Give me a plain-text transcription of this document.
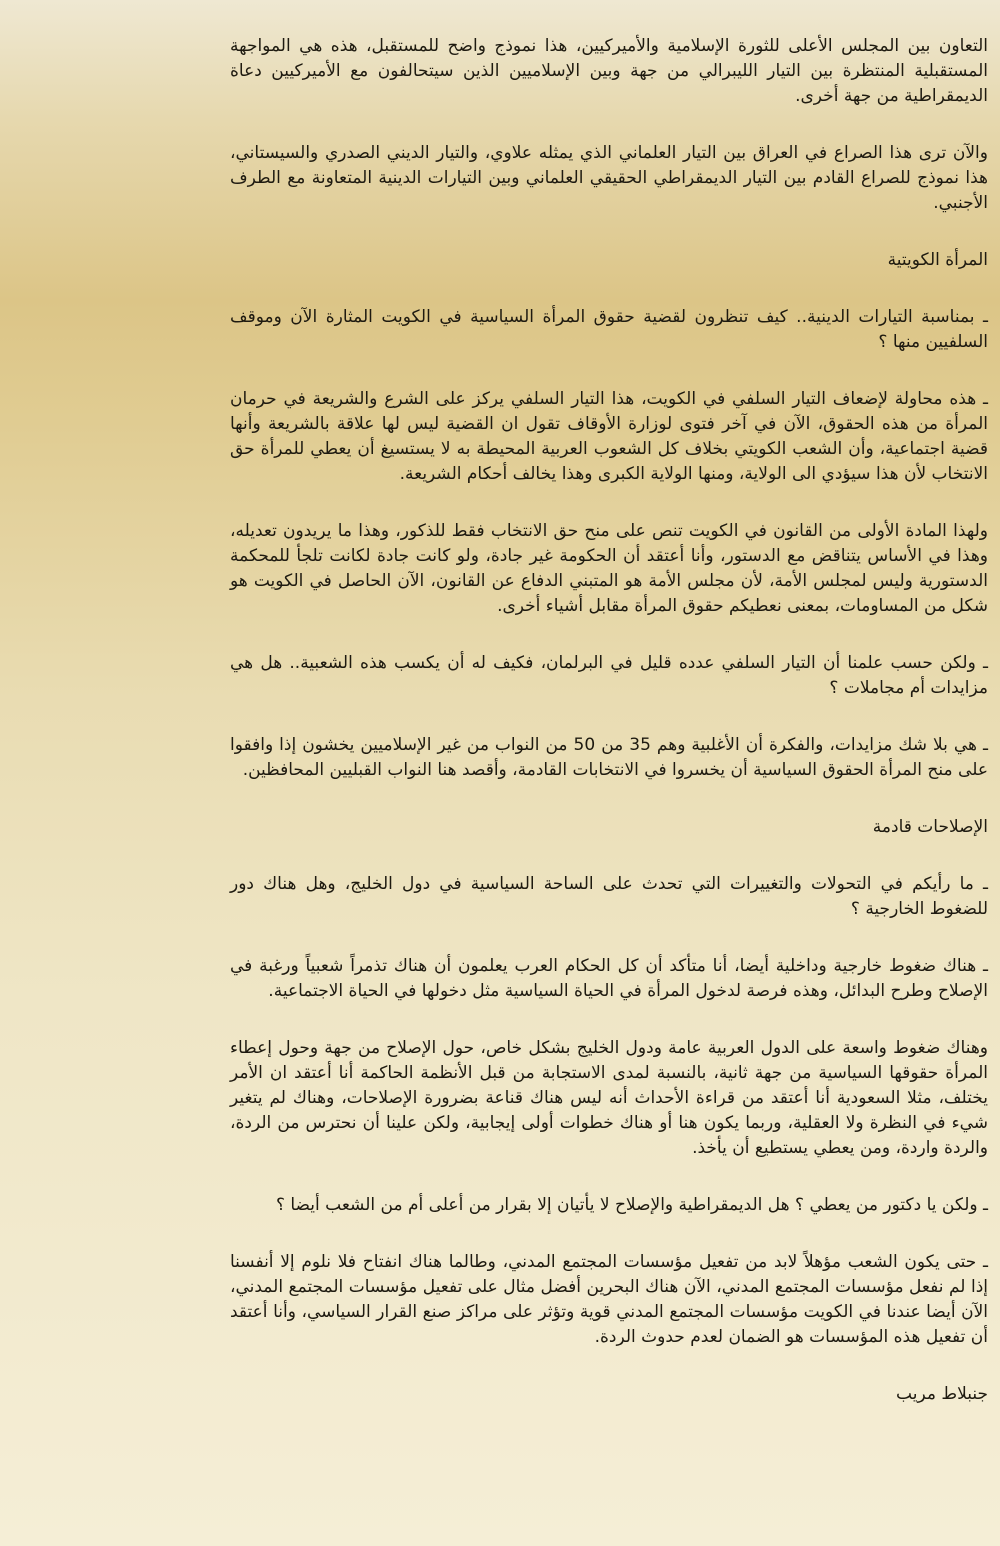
التعاون بين المجلس الأعلى للثورة الإسلامية والأميركيين، هذا نموذج واضح للمستقبل، هذه هي المواجهة المستقبلية المنتظرة بين التيار الليبرالي من جهة وبين الإسلاميين الذين سيتحالفون مع الأميركيين دعاة الديمقراطية من جهة أخرى.

والآن ترى هذا الصراع في العراق بين التيار العلماني الذي يمثله علاوي، والتيار الديني الصدري والسيستاني، هذا نموذج للصراع القادم بين التيار الديمقراطي الحقيقي العلماني وبين التيارات الدينية المتعاونة مع الطرف الأجنبي.

المرأة الكويتية

ـ بمناسبة التيارات الدينية.. كيف تنظرون لقضية حقوق المرأة السياسية في الكويت المثارة الآن وموقف السلفيين منها ؟

ـ هذه محاولة لإضعاف التيار السلفي في الكويت، هذا التيار السلفي يركز على الشرع والشريعة في حرمان المرأة من هذه الحقوق، الآن في آخر فتوى لوزارة الأوقاف تقول ان القضية ليس لها علاقة بالشريعة وأنها قضية اجتماعية، وأن الشعب الكويتي بخلاف كل الشعوب العربية المحيطة به لا يستسيغ أن يعطي للمرأة حق الانتخاب لأن هذا سيؤدي الى الولاية، ومنها الولاية الكبرى وهذا يخالف أحكام الشريعة.

ولهذا المادة الأولى من القانون في الكويت تنص على منح حق الانتخاب فقط للذكور، وهذا ما يريدون تعديله، وهذا في الأساس يتناقض مع الدستور، وأنا أعتقد أن الحكومة غير جادة، ولو كانت جادة لكانت تلجأ للمحكمة الدستورية وليس لمجلس الأمة، لأن مجلس الأمة هو المتبني الدفاع عن القانون، الآن الحاصل في الكويت هو شكل من المساومات، بمعنى نعطيكم حقوق المرأة مقابل أشياء أخرى.

ـ ولكن حسب علمنا أن التيار السلفي عدده قليل في البرلمان، فكيف له أن يكسب هذه الشعبية.. هل هي مزايدات أم مجاملات ؟

ـ هي بلا شك مزايدات، والفكرة أن الأغلبية وهم 35 من 50 من النواب من غير الإسلاميين يخشون إذا وافقوا على منح المرأة الحقوق السياسية أن يخسروا في الانتخابات القادمة، وأقصد هنا النواب القبليين المحافظين.

الإصلاحات قادمة

ـ ما رأيكم في التحولات والتغييرات التي تحدث على الساحة السياسية في دول الخليج، وهل هناك دور للضغوط الخارجية ؟

ـ هناك ضغوط خارجية وداخلية أيضا، أنا متأكد أن كل الحكام العرب يعلمون أن هناك تذمراً شعبياً ورغبة في الإصلاح وطرح البدائل، وهذه فرصة لدخول المرأة في الحياة السياسية مثل دخولها في الحياة الاجتماعية.

وهناك ضغوط واسعة على الدول العربية عامة ودول الخليج بشكل خاص، حول الإصلاح من جهة وحول إعطاء المرأة حقوقها السياسية من جهة ثانية، بالنسبة لمدى الاستجابة من قبل الأنظمة الحاكمة أنا أعتقد ان الأمر يختلف، مثلا السعودية أنا أعتقد من قراءة الأحداث أنه ليس هناك قناعة بضرورة الإصلاحات، وهناك لم يتغير شيء في النظرة ولا العقلية، وربما يكون هنا أو هناك خطوات أولى إيجابية، ولكن علينا أن نحترس من الردة، والردة واردة، ومن يعطي يستطيع أن يأخذ.

ـ ولكن يا دكتور من يعطي ؟ هل الديمقراطية والإصلاح لا يأتيان إلا بقرار من أعلى أم من الشعب أيضا ؟

ـ حتى يكون الشعب مؤهلاً لابد من تفعيل مؤسسات المجتمع المدني، وطالما هناك انفتاح فلا نلوم إلا أنفسنا إذا لم نفعل مؤسسات المجتمع المدني، الآن هناك البحرين أفضل مثال على تفعيل مؤسسات المجتمع المدني، الآن أيضا عندنا في الكويت مؤسسات المجتمع المدني قوية وتؤثر على مراكز صنع القرار السياسي، وأنا أعتقد أن تفعيل هذه المؤسسات هو الضمان لعدم حدوث الردة.

جنبلاط مريب
